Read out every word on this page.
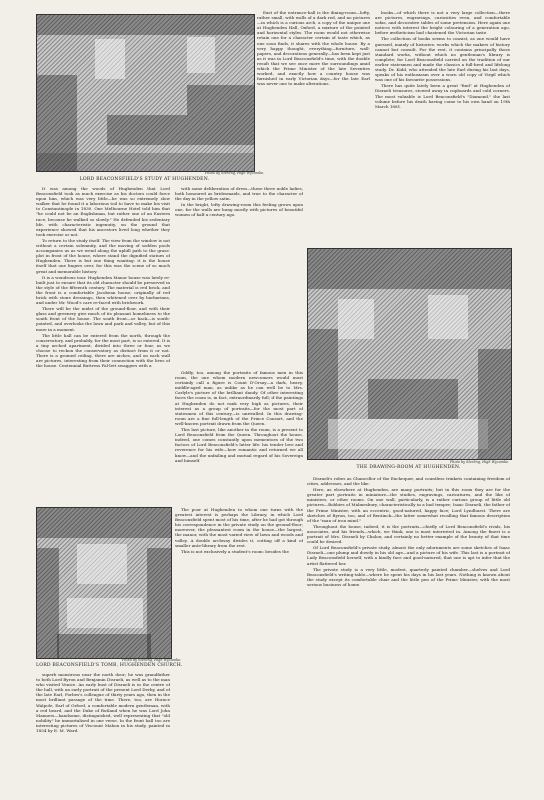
Photo by Sterling, High Wycombe.
LORD BEACONSFIELD'S STUDY AT HUGHENDEN.

East of the entrance-hall is the dining-room—lofty, rather small, with walls of a dark red, and no pictures—in which is a curious arch, a copy of the unique one at Hughenden Hall, Oxford, a mixture of the pointed and horizontal styles. The room would not otherwise retain one for a character certain of taste which, as one soon finds, it shares with the whole house. By a very happy thought, everything—furniture, wall-papers, and decorations generally—has been kept just as it was in Lord Beaconsfield's time, with the double result that we see once more the surroundings amid which the Prime Minister of the late Seventies worked, and exactly how a country house was furnished in early Victorian days—for the late Earl was never one to make alterations.

books—of which there is not a very large collection—there are pictures, engravings, curiosities even, and comfortable sofas, and decorative tables of some pretension. Here again one notices with interest the bright colouring of a generation ago, before æstheticism had chastened the Victorian taste.

The collection of books seems to consist, as one would have guessed, mainly of histories: works which the makers of history cannot but consult. For the rest, it contains principally those standard works, without which no gentleman's library is complete; for Lord Beaconsfield carried on the tradition of our earlier statesmen and made the classics a full-bred and lifelong study. Dr. Kidd, who attended the late Earl during his last days, speaks of his enthusiasm over a worn old copy of Virgil which was one of his favourite possessions.

There has quite lately been a great "find" at Hughenden of Disraeli treasures, stowed away in cupboards and cold corners. The most valuable is Lord Beaconsfield's "Diamond," the last volume before his death having come to his own hand on 19th March 1881.

It was among the woods of Hughenden that Lord Beaconsfield took as much exercise as his doctors could force upon him, which was very little—he was so extremely slow walker that he found it a laborious toil to have to make his visit to Constantinople in 1830. One Melbourne Hotel told him that "he could not be an Englishman, but rather one of an Eastern race, because he walked so slowly." He defended his sedentary life, with characteristic ingenuity, on the ground that experience showed that his ancestors lived long whether they took exercise or not.

To return to the study itself. The view from the window is not without a certain solemnity, and the moving of sodden pools accompanies us as we wend along the uphill path to the grass-plot in front of the house, where stand the dignified statues of Hughenden. There is but one thing wanting: it is the house itself that one lingers over, for this was the scene of so much great and memorable history.

It is a wondrous tour. Hughenden Manor house was lately re-built just to ensure that its old character should be preserved in the style of the fifteenth century. The material is red brick, and the front is a comfortable Jacobean house, originally of red brick with stone dressings, then whitened over by barbarians, and under Mr. Wood's care re-faced with brickwork.

There will be the midst of the ground-floor, and with their glass and greenery give much of its pleasant homeliness to the south front of the house. The south front—or back—is south-pointed, and overlooks the lawn and park and valley, but of this more in a moment.

The little hall can be entered from the north, through the conservatory, and probably, for the most part, is so entered. It is a tiny arched apartment, divided into three or four, as we choose to reckon the conservatory as distinct from it or not. There is a groined ceiling, there are niches, and on each wall are pictures, interesting from their connection with the lives of the house. Centennial Buttress Fal-lett swaggers with a

with some deliberation of dress—these three noble ladies, both honoured as bridesmaids, and true to the character of the day in the yellow satin.

In the bright, lofty drawing-room this feeling grows upon one, for the walls are hung mostly with pictures of beautiful women of half a century ago.

Oddly, too, among the portraits of famous men in this room, the one whom modern newcomers would most certainly call a figure is Count D'Orsay—a dark, heavy, middle-aged man, as unlike as he can well be to Mrs. Carlyle's picture of the brilliant dandy. Of other interesting faces the room is, in fact, extraordinarily full; if the paintings at Hughenden do not rank very high as pictures, their interest as a group of portraits—for the most part of statesmen of this century—is unrivalled. In this drawing-room are a fine full-length of the Prince Consort, and the well-known portrait drawn from the Queen.

This last picture, like another in the room, is a present to Lord Beaconsfield from the Queen. Throughout the house, indeed, one comes constantly upon mementoes of the two factors of Lord Beaconsfield's latter life: his tender love and reverence for his wife—how romantic and returned we all know—and the unfailing and mutual regard of his Sovereign and himself.	Photo by Sterling, High Wycombe.
THE DRAWING-ROOM AT HUGHENDEN.
Photo by Sterling, High Wycombe.
LORD BEACONSFIELD'S TOMB, HUGHENDEN CHURCH.

The poor at Hughenden to whom one turns with the greatest interest is perhaps the Library, in which Lord Beaconsfield spent most of his time, after he had got through his correspondence in the private study on the ground-floor; moreover, the pleasantest room in the house—the largest, the manor, with the most varied view of lawn and woods and valley. A double archway divides it, cutting off a kind of smaller ante-library from the rest.

This is not exclusively a student's room: besides the

superb monstrous near the north door; he was grandfather to both Lord Byron and Benjamin Disraeli, as well as to the man who visited Venice. An early bust of Disraeli is in the centre of the hall, with an early portrait of the present Lord Derby, and of the late Earl, Forbes's colleague of thirty years ago, then in the most brilliant passage of the time. There, too, are Horace Walpole, Earl of Orford, a comfortable modern gentleman, with a red beard, and the Duke of Rutland when he was Lord John Manners—handsome, distinguished, well representing that "old nobility" he immortalised in one verse. In the front hall too are interesting pictures of Viscount Mahon in his study, painted in 1854 by E. M. Ward.

Disraeli's robes as Chancellor of the Exchequer, and countless trinkets containing freedom of cities, addresses, and the like.

Here, as elsewhere at Hughenden, are many portraits; but in this room they are for the greater part portraits in miniature—the studies, engravings, caricatures, and the like of ministers, or other rooms. On one wall, particularly, is a rather curious group of little old pictures—Bobbies of Malmesbury, characteristically in a bad temper; Isaac Disraeli, the father of the Prime Minister, with an eccentric, good-natured, happy face; Lord Lyndhurst. There are sketches of Byron, too, and of Bentinck—the latter somewhat recalling that famous description of the "man of iron mind."

Throughout the house, indeed, it is the portraits—chiefly of Lord Beaconsfield's rivals, his associates, and his friends—which, we think, one is most interested in. Among the finest is a portrait of Mrs. Disraeli by Chalon; and certainly no better example of the beauty of that time could be desired.

Of Lord Beaconsfield's private study, almost the only adornments are some sketches of Isaac Disraeli—one plump and dowdy in his old age—and a picture of his wife. This last is a portrait of Lady Beaconsfield herself, with a kindly face and good-natured, that one is apt to infer that the artist flattered her.

The private study is a very little, modest, quarterly painted chamber—shelves and Lord Beaconsfield's writing-table—where he spent his days in his last years. Nothing is known about the study except its comfortable chair and the little pen of the Prime Minister, with the most serious business of home.
